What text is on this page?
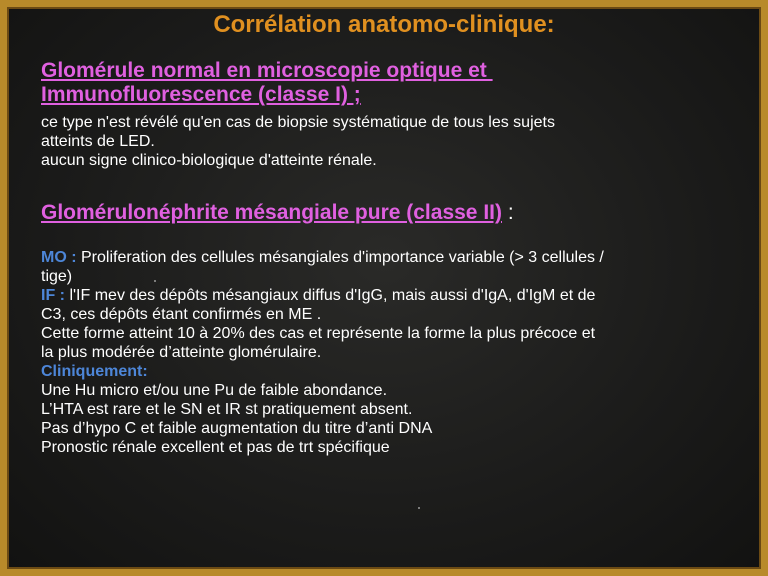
Corrélation anatomo-clinique:
Glomérule normal en microscopie optique et
Immunofluorescence (classe I) ;

ce type n'est révélé qu'en cas de biopsie systématique de tous les sujets

atteints de LED.

aucun signe clinico-biologique d'atteinte rénale.

Glomérulonéphrite mésangiale pure (classe II) :

MO : Proliferation des cellules mésangiales d'importance variable (> 3 cellules /

tige)

IF : l'IF mev des dépôts mésangiaux diffus d'IgG, mais aussi d'IgA, d'IgM et de

C3, ces dépôts étant confirmés en ME .

Cette forme atteint 10 à 20% des cas et représente la forme la plus précoce et

la plus modérée d’atteinte glomérulaire.

Cliniquement:

Une Hu micro et/ou une Pu de faible abondance.

L’HTA est rare et le SN et IR st pratiquement absent.

Pas d’hypo C et faible augmentation du titre d’anti DNA

Pronostic rénale excellent et pas de trt spécifique
